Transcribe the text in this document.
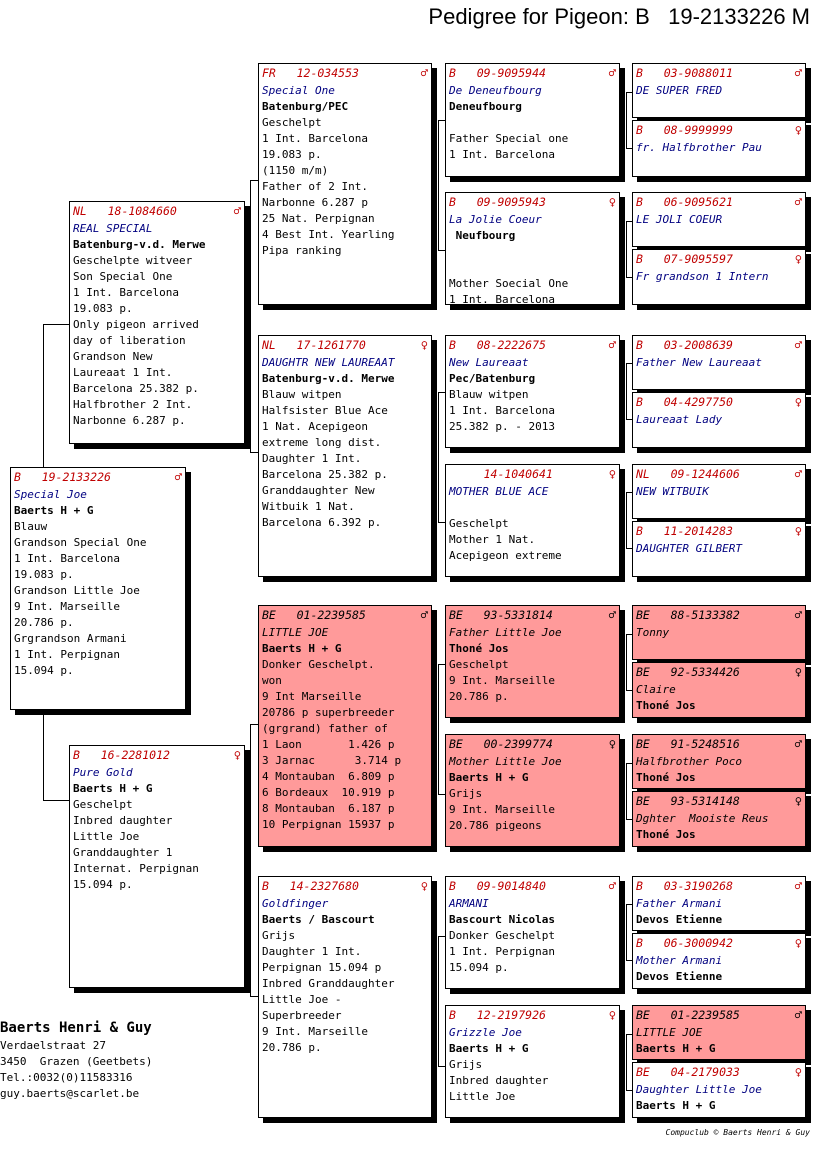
Pedigree for Pigeon: B   19-2133226 M
B   19-2133226	♂
Special Joe
Baerts H + G
Blauw
Grandson Special One
1 Int. Barcelona
19.083 p.
Grandson Little Joe
9 Int. Marseille
20.786 p.
Grgrandson Armani
1 Int. Perpignan
15.094 p.
NL   18-1084660	♂
REAL SPECIAL
Batenburg-v.d. Merwe
Geschelpte witveer
Son Special One
1 Int. Barcelona
19.083 p.
Only pigeon arrived
day of liberation
Grandson New
Laureaat 1 Int.
Barcelona 25.382 p.
Halfbrother 2 Int.
Narbonne 6.287 p.
B   16-2281012	♀
Pure Gold
Baerts H + G
Geschelpt
Inbred daughter
Little Joe
Granddaughter 1
Internat. Perpignan
15.094 p.
FR   12-034553	♂
Special One
Batenburg/PEC
Geschelpt
1 Int. Barcelona
19.083 p.
(1150 m/m)
Father of 2 Int.
Narbonne 6.287 p
25 Nat. Perpignan
4 Best Int. Yearling
Pipa ranking
NL   17-1261770	♀
DAUGHTR NEW LAUREAAT
Batenburg-v.d. Merwe
Blauw witpen
Halfsister Blue Ace
1 Nat. Acepigeon
extreme long dist.
Daughter 1 Int.
Barcelona 25.382 p.
Granddaughter New
Witbuik 1 Nat.
Barcelona 6.392 p.
BE   01-2239585	♂
LITTLE JOE
Baerts H + G
Donker Geschelpt.
won
9 Int Marseille
20786 p superbreeder
(grgrand) father of
1 Laon       1.426 p
3 Jarnac      3.714 p
4 Montauban  6.809 p
6 Bordeaux  10.919 p
8 Montauban  6.187 p
10 Perpignan 15937 p
B   14-2327680	♀
Goldfinger
Baerts / Bascourt
Grijs
Daughter 1 Int.
Perpignan 15.094 p
Inbred Granddaughter
Little Joe -
Superbreeder
9 Int. Marseille
20.786 p.
B   09-9095944	♂
De Deneufbourg
Deneufbourg

Father Special one
1 Int. Barcelona
B   09-9095943	♀
La Jolie Coeur
Neufbourg

Mother Soecial One
1 Int. Barcelona
B   08-2222675	♂
New Laureaat
Pec/Batenburg
Blauw witpen
1 Int. Barcelona
25.382 p. - 2013
14-1040641	♀
MOTHER BLUE ACE

Geschelpt
Mother 1 Nat.
Acepigeon extreme
BE   93-5331814	♂
Father Little Joe
Thoné Jos
Geschelpt
9 Int. Marseille
20.786 p.
BE   00-2399774	♀
Mother Little Joe
Baerts H + G
Grijs
9 Int. Marseille
20.786 pigeons
B   09-9014840	♂
ARMANI
Bascourt Nicolas
Donker Geschelpt
1 Int. Perpignan
15.094 p.
B   12-2197926	♀
Grizzle Joe
Baerts H + G
Grijs
Inbred daughter
Little Joe
B   03-9088011	♂
DE SUPER FRED
B   08-9999999	♀
fr. Halfbrother Pau
B   06-9095621	♂
LE JOLI COEUR
B   07-9095597	♀
Fr grandson 1 Intern
B   03-2008639	♂
Father New Laureaat
B   04-4297750	♀
Laureaat Lady
NL   09-1244606	♂
NEW WITBUIK
B   11-2014283	♀
DAUGHTER GILBERT
BE   88-5133382	♂
Tonny
BE   92-5334426	♀
Claire
Thoné Jos
BE   91-5248516	♂
Halfbrother Poco
Thoné Jos
BE   93-5314148	♀
Dghter  Mooiste Reus
Thoné Jos
B   03-3190268	♂
Father Armani
Devos Etienne
B   06-3000942	♀
Mother Armani
Devos Etienne
BE   01-2239585	♂
LITTLE JOE
Baerts H + G
BE   04-2179033	♀
Daughter Little Joe
Baerts H + G
Baerts Henri & Guy
Verdaelstraat 27
3450  Grazen (Geetbets)
Tel.:0032(0)11583316
guy.baerts@scarlet.be
Compuclub © Baerts Henri & Guy
